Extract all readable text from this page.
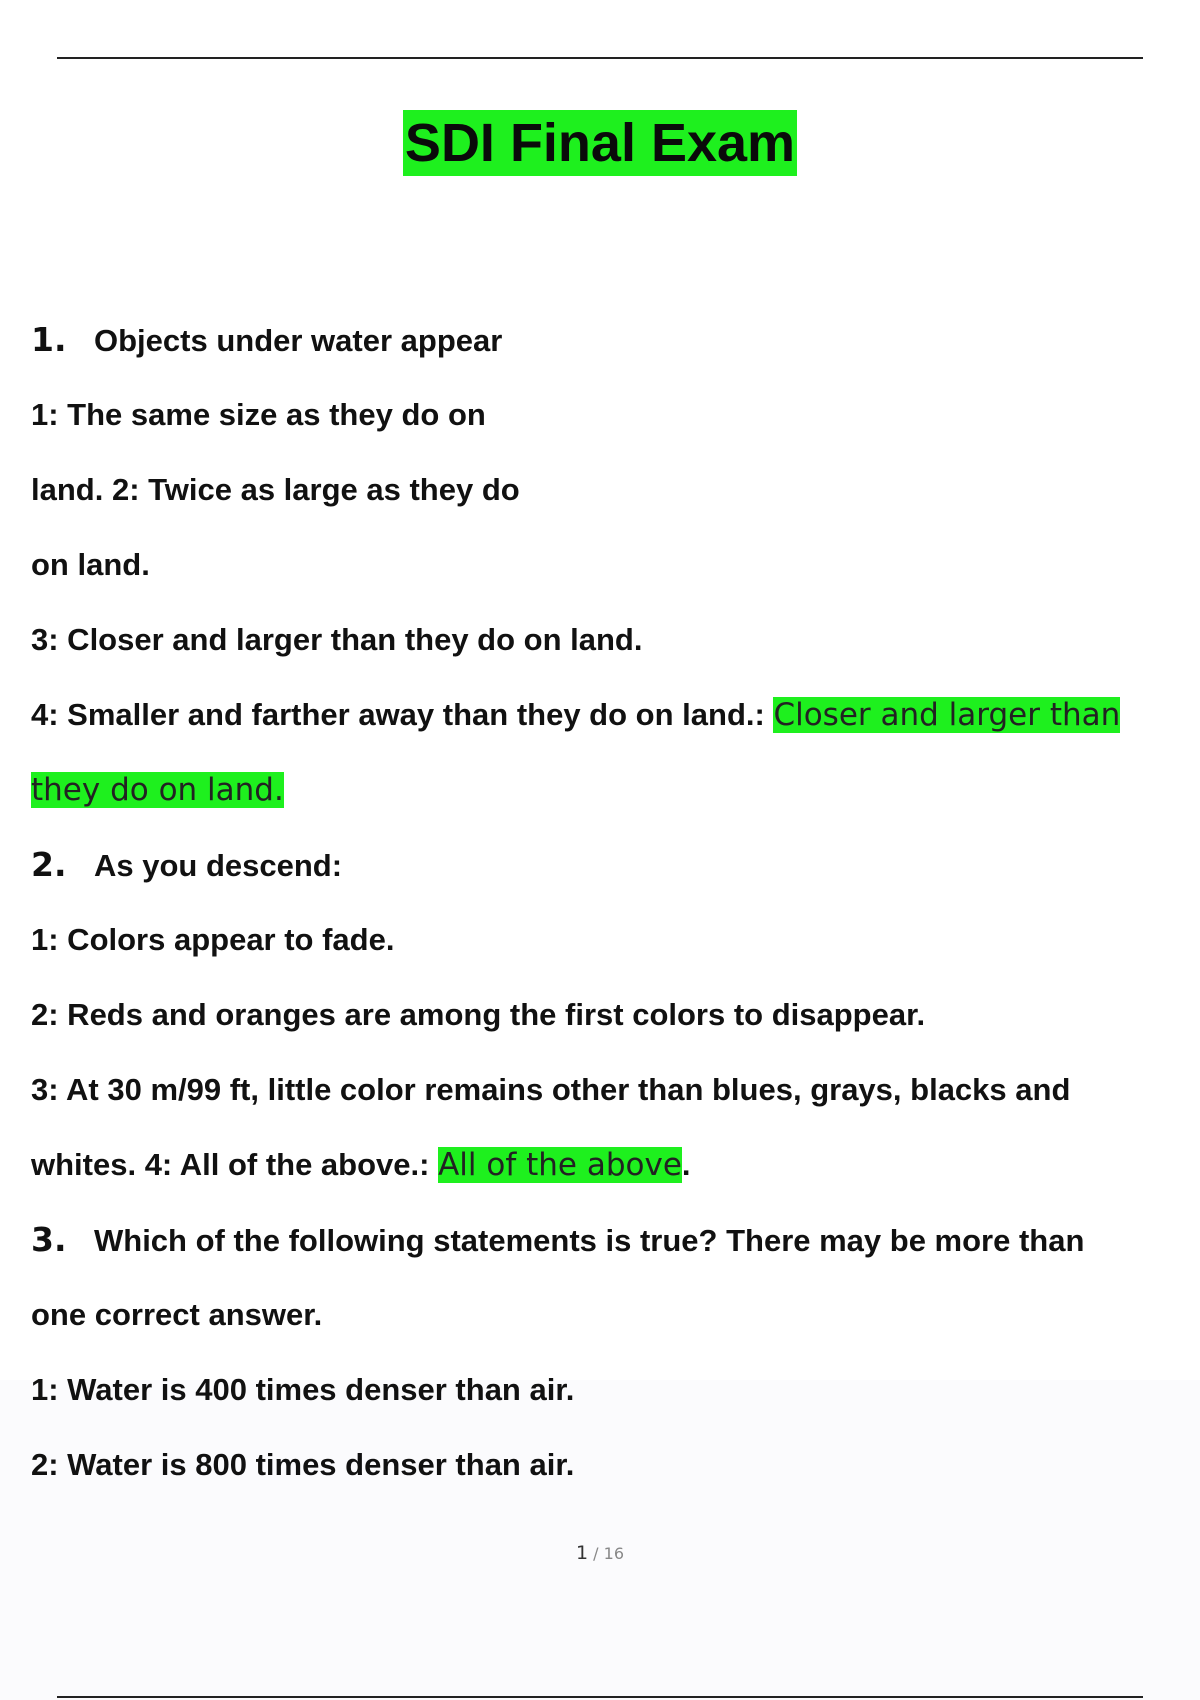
SDI Final Exam
1. Objects under water appear
1: The same size as they do on
land. 2: Twice as large as they do
on land.
3: Closer and larger than they do on land.
4: Smaller and farther away than they do on land.: Closer and larger than
they do on land.
2. As you descend:
1: Colors appear to fade.
2: Reds and oranges are among the first colors to disappear.
3: At 30 m/99 ft, little color remains other than blues, grays, blacks and
whites. 4: All of the above.: All of the above.
3. Which of the following statements is true? There may be more than
one correct answer.
1: Water is 400 times denser than air.
2: Water is 800 times denser than air.
1 / 16
